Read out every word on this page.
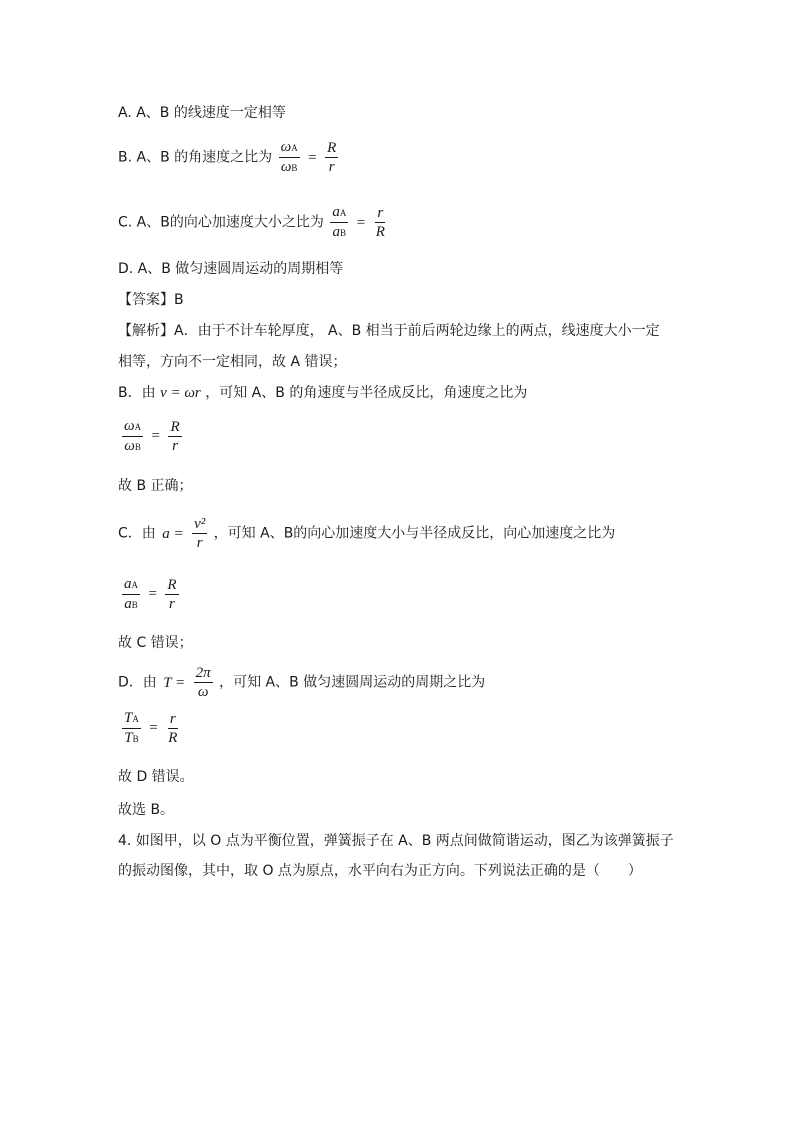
A. A、B 的线速度一定相等
B. A、B 的角速度之比为 $\frac{\omega A}{\omega B} = \frac{R}{r}$
C. A、B的向心加速度大小之比为 $\frac{aA}{aB} = \frac{r}{R}$
D. A、B 做匀速圆周运动的周期相等
【答案】B
【解析】A．由于不计车轮厚度， A、B 相当于前后两轮边缘上的两点，线速度大小一定
相等，方向不一定相同，故 A 错误；
B．由 v = ωr ，可知 A、B 的角速度与半径成反比，角速度之比为
$\frac{\omega A}{\omega B} = \frac{R}{r}$
故 B 正确；
C．由 $a = \frac{\text{v²}}{r}$ ，可知 A、B的向心加速度大小与半径成反比，向心加速度之比为
$\frac{aA}{aB} = \frac{R}{r}$
故 C 错误；
D．由 $T = \frac{2\pi}{\omega}$ ，可知 A、B 做匀速圆周运动的周期之比为
$\frac{TA}{TB} = \frac{r}{R}$
故 D 错误。
故选 B。
4. 如图甲，以 O 点为平衡位置，弹簧振子在 A、B 两点间做简谐运动，图乙为该弹簧振子
的振动图像，其中，取 O 点为原点，水平向右为正方向。下列说法正确的是（　　）
